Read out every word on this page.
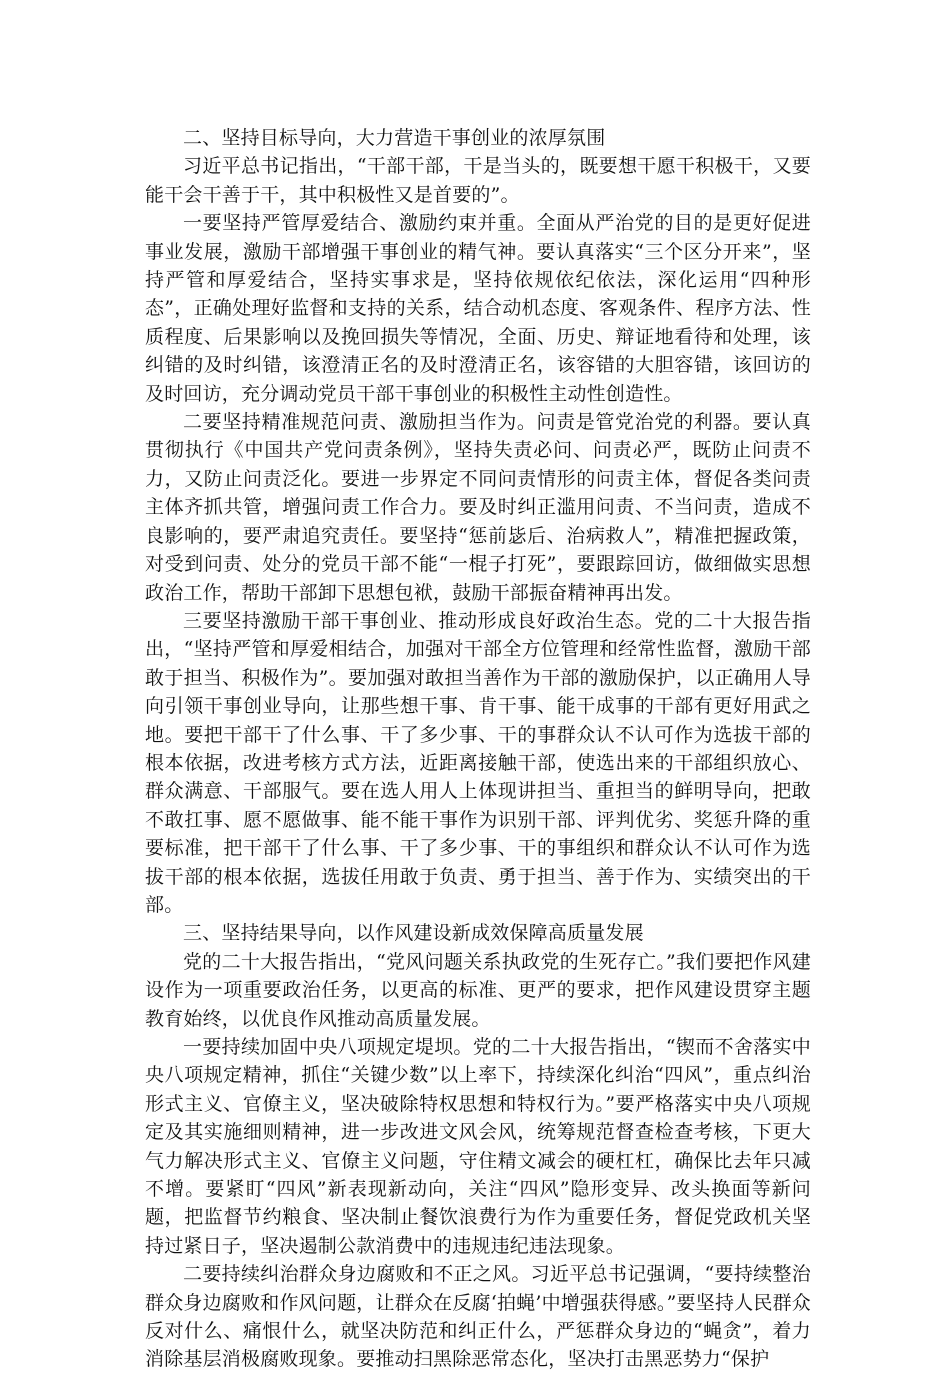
二、坚持目标导向，大力营造干事创业的浓厚氛围

习近平总书记指出，“干部干部，干是当头的，既要想干愿干积极干，又要能干会干善于干，其中积极性又是首要的”。

一要坚持严管厚爱结合、激励约束并重。全面从严治党的目的是更好促进事业发展，激励干部增强干事创业的精气神。要认真落实“三个区分开来”，坚持严管和厚爱结合，坚持实事求是，坚持依规依纪依法，深化运用“四种形态”，正确处理好监督和支持的关系，结合动机态度、客观条件、程序方法、性质程度、后果影响以及挽回损失等情况，全面、历史、辩证地看待和处理，该纠错的及时纠错，该澄清正名的及时澄清正名，该容错的大胆容错，该回访的及时回访，充分调动党员干部干事创业的积极性主动性创造性。

二要坚持精准规范问责、激励担当作为。问责是管党治党的利器。要认真贯彻执行《中国共产党问责条例》，坚持失责必问、问责必严，既防止问责不力，又防止问责泛化。要进一步界定不同问责情形的问责主体，督促各类问责主体齐抓共管，增强问责工作合力。要及时纠正滥用问责、不当问责，造成不良影响的，要严肃追究责任。要坚持“惩前毖后、治病救人”，精准把握政策，对受到问责、处分的党员干部不能“一棍子打死”，要跟踪回访，做细做实思想政治工作，帮助干部卸下思想包袱，鼓励干部振奋精神再出发。

三要坚持激励干部干事创业、推动形成良好政治生态。党的二十大报告指出，“坚持严管和厚爱相结合，加强对干部全方位管理和经常性监督，激励干部敢于担当、积极作为”。要加强对敢担当善作为干部的激励保护，以正确用人导向引领干事创业导向，让那些想干事、肯干事、能干成事的干部有更好用武之地。要把干部干了什么事、干了多少事、干的事群众认不认可作为选拔干部的根本依据，改进考核方式方法，近距离接触干部，使选出来的干部组织放心、群众满意、干部服气。要在选人用人上体现讲担当、重担当的鲜明导向，把敢不敢扛事、愿不愿做事、能不能干事作为识别干部、评判优劣、奖惩升降的重要标准，把干部干了什么事、干了多少事、干的事组织和群众认不认可作为选拔干部的根本依据，选拔任用敢于负责、勇于担当、善于作为、实绩突出的干部。

三、坚持结果导向，以作风建设新成效保障高质量发展

党的二十大报告指出，“党风问题关系执政党的生死存亡。”我们要把作风建设作为一项重要政治任务，以更高的标准、更严的要求，把作风建设贯穿主题教育始终，以优良作风推动高质量发展。

一要持续加固中央八项规定堤坝。党的二十大报告指出，“锲而不舍落实中央八项规定精神，抓住“关键少数”以上率下，持续深化纠治“四风”，重点纠治形式主义、官僚主义，坚决破除特权思想和特权行为。”要严格落实中央八项规定及其实施细则精神，进一步改进文风会风，统筹规范督查检查考核，下更大气力解决形式主义、官僚主义问题，守住精文减会的硬杠杠，确保比去年只减不增。要紧盯“四风”新表现新动向，关注“四风”隐形变异、改头换面等新问题，把监督节约粮食、坚决制止餐饮浪费行为作为重要任务，督促党政机关坚持过紧日子，坚决遏制公款消费中的违规违纪违法现象。

二要持续纠治群众身边腐败和不正之风。习近平总书记强调，“要持续整治群众身边腐败和作风问题，让群众在反腐‘拍蝇’中增强获得感。”要坚持人民群众反对什么、痛恨什么，就坚决防范和纠正什么，严惩群众身边的“蝇贪”，着力消除基层消极腐败现象。要推动扫黑除恶常态化，坚决打击黑恶势力“保护
